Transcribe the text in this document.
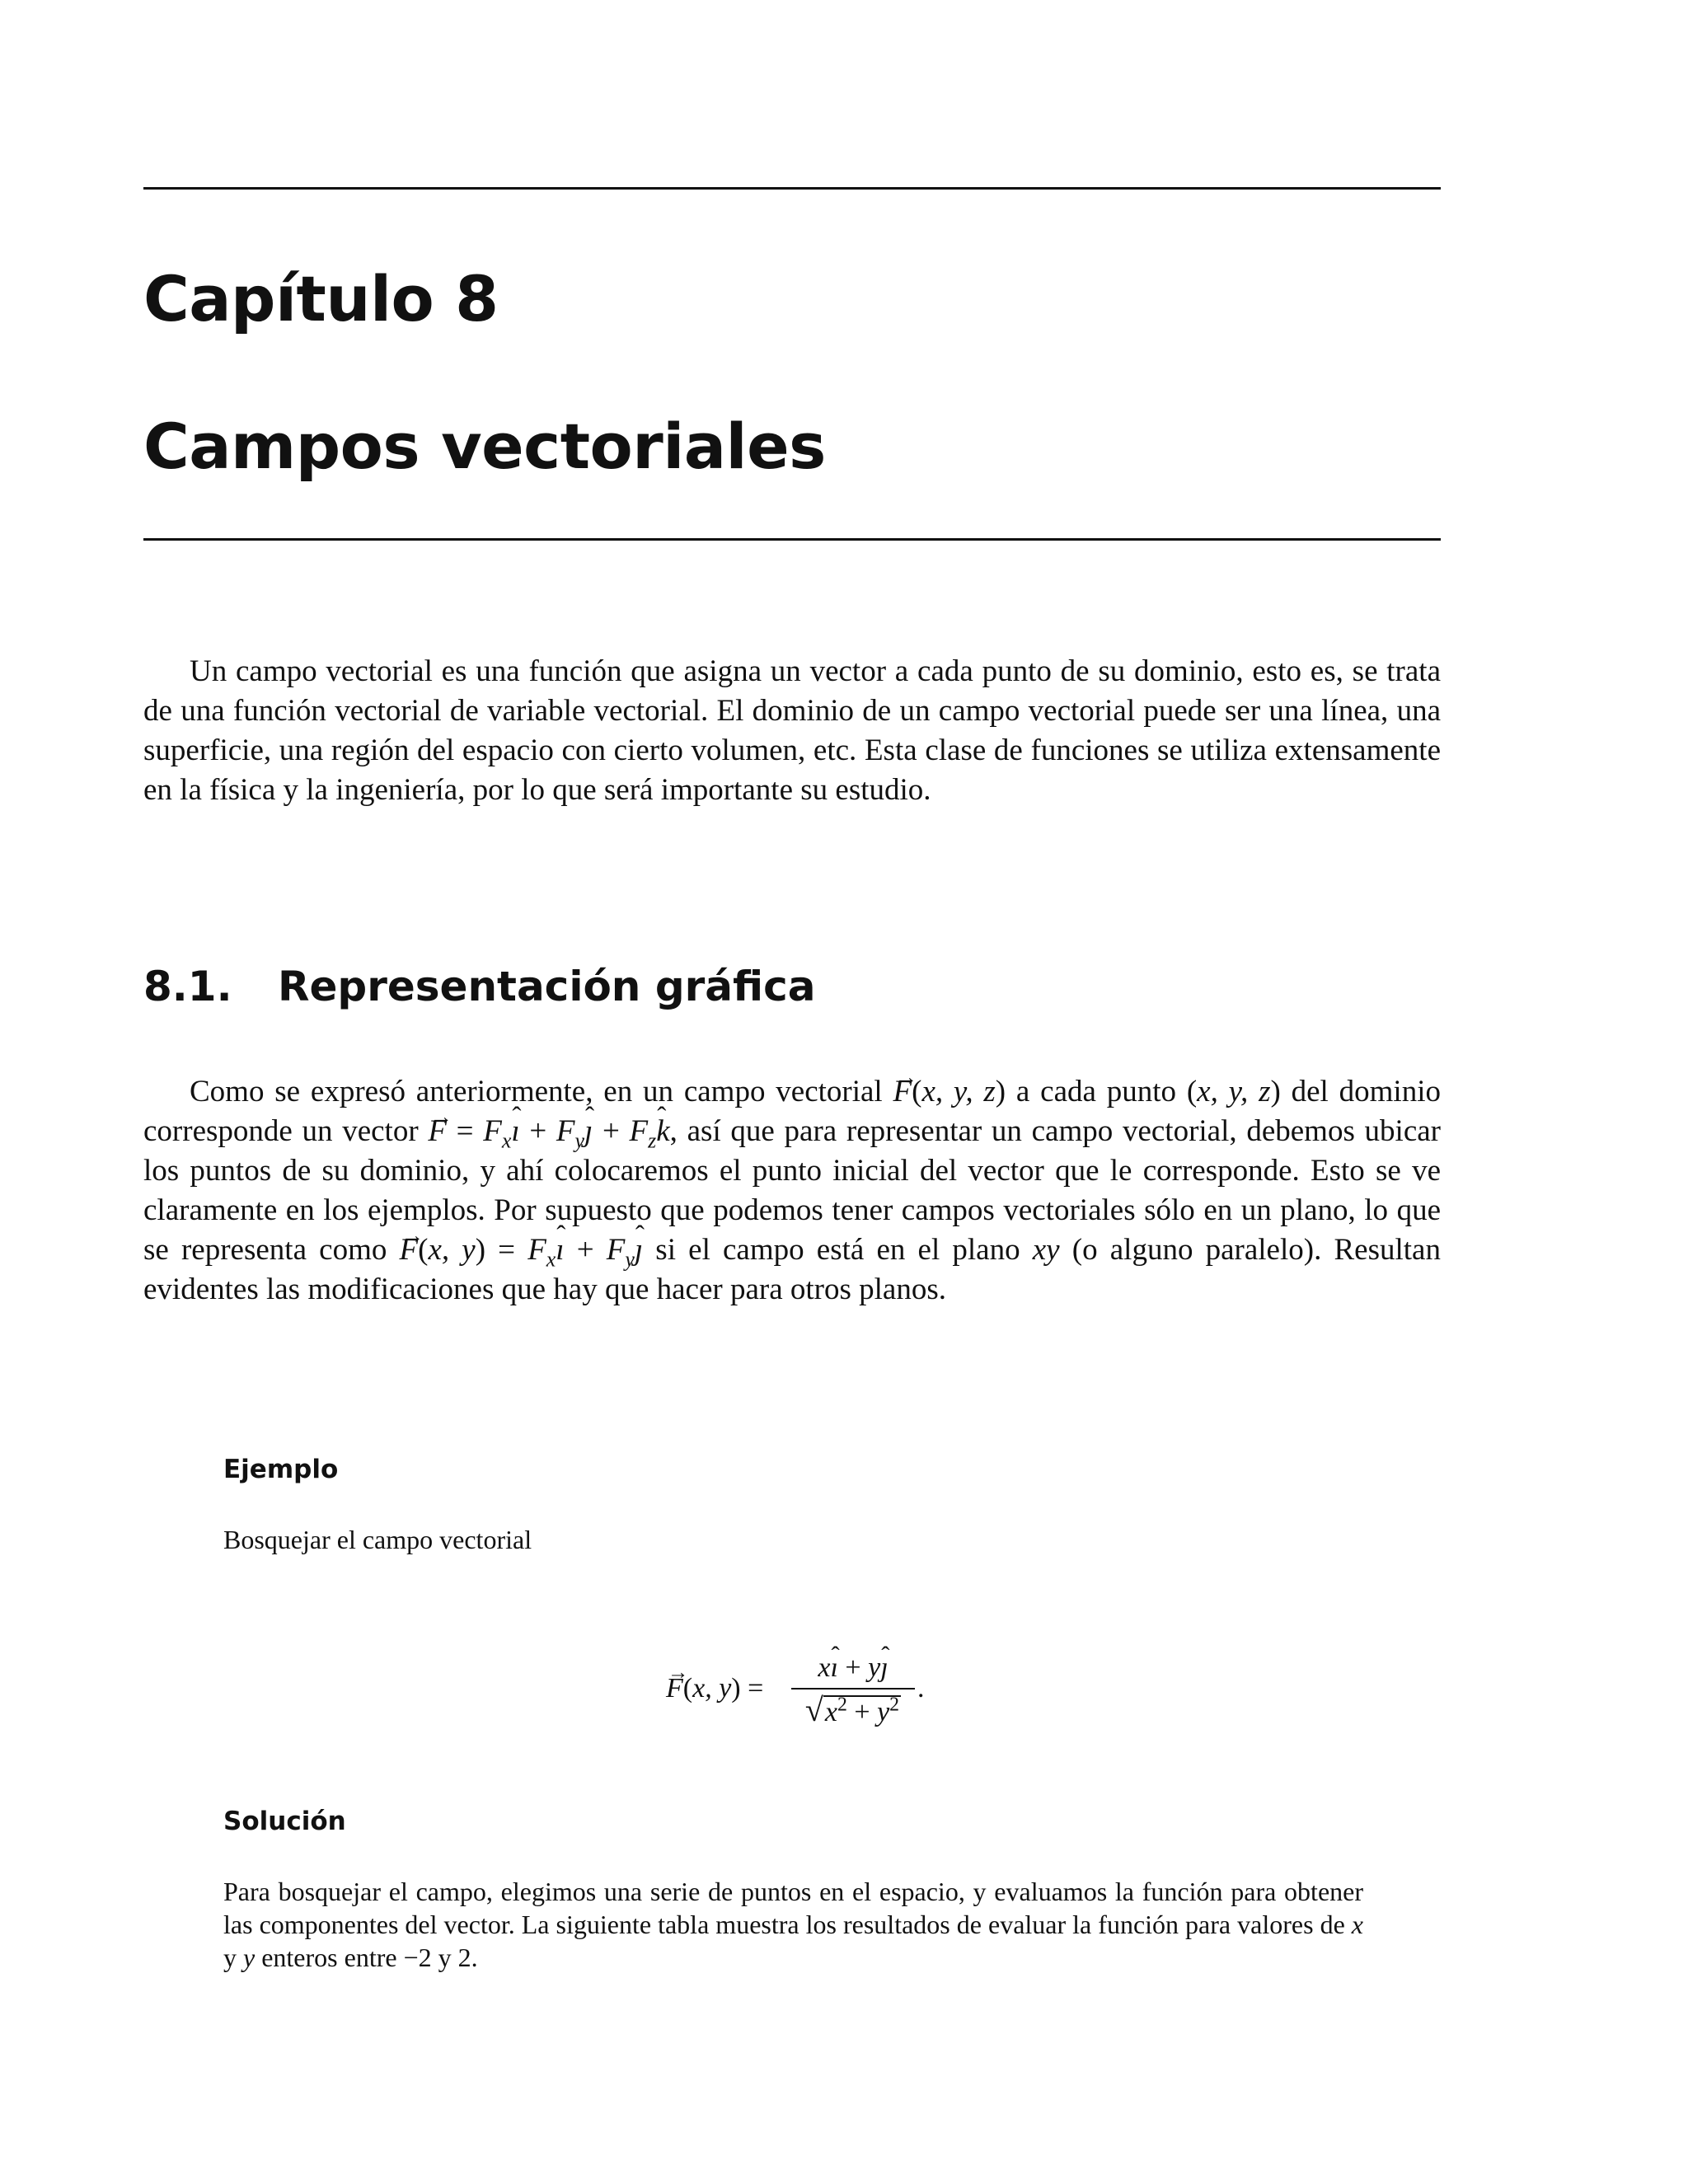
Capítulo 8
Campos vectoriales

Un campo vectorial es una función que asigna un vector a cada punto de su dominio, esto es, se trata de una función vectorial de variable vectorial. El dominio de un campo vectorial puede ser una línea, una superficie, una región del espacio con cierto volumen, etc. Esta clase de funciones se utiliza extensamente en la física y la ingeniería, por lo que será importante su estudio.

8.1. Representación gráfica

Como se expresó anteriormente, en un campo vectorial → F(x, y, z) a cada punto (x, y, z) del dominio corresponde un vector → $F = F_xˆ$ ı + $F_yˆ$ ȷ + $F_zˆ$ k, así que para representar un campo vectorial, debemos ubicar los puntos de su dominio, y ahí colocaremos el punto inicial del vector que le corresponde. Esto se ve claramente en los ejemplos. Por supuesto que podemos tener campos vectoriales sólo en un plano, lo que se representa como → F(x, $y) = F_xˆ$ ı + $F_yˆ$ ȷ si el campo está en el plano xy (o alguno paralelo). Resultan evidentes las modificaciones que hay que hacer para otros planos.

Ejemplo

Bosquejar el campo vectorial

→ F(x, y) =
xˆ ı + yˆ ȷ
$√x^2 + y^2$
.
Solución

Para bosquejar el campo, elegimos una serie de puntos en el espacio, y evaluamos la función para obtener las componentes del vector. La siguiente tabla muestra los resultados de evaluar la función para valores de x y y enteros entre −2 y 2.
